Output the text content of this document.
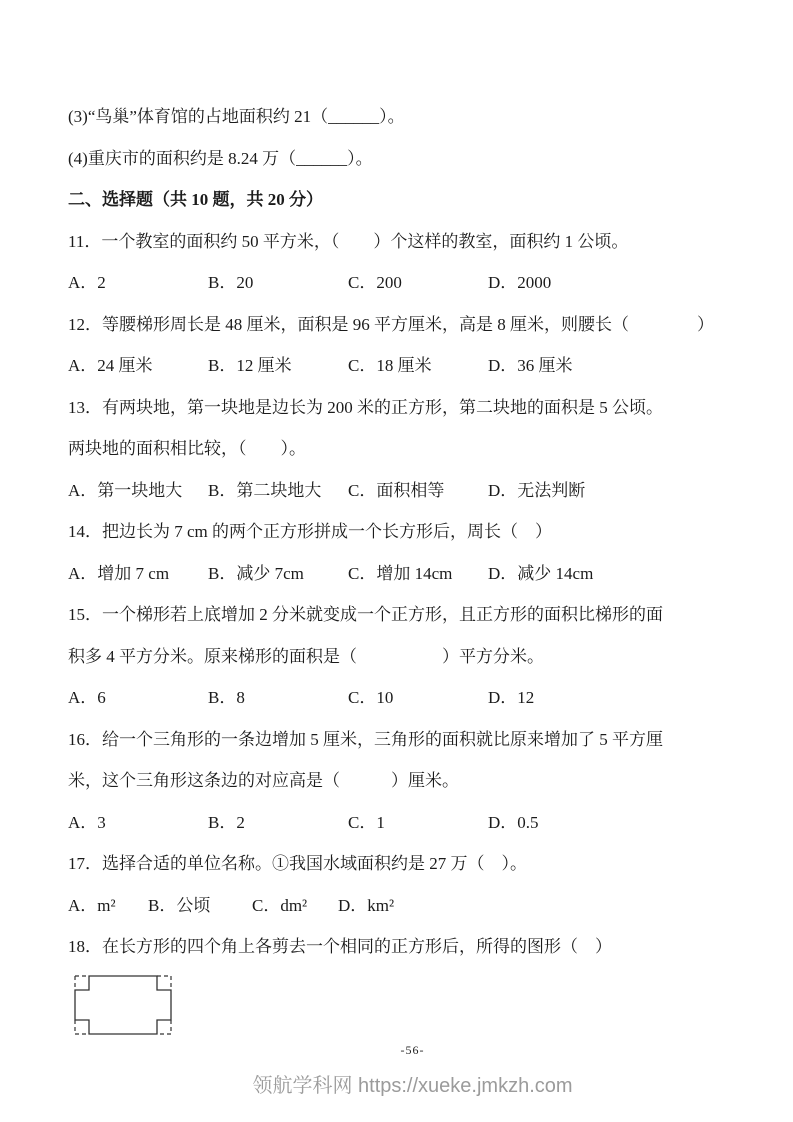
(3)“鸟巢”体育馆的占地面积约 21（______）。
(4)重庆市的面积约是 8.24 万（______）。
二、选择题（共 10 题，共 20 分）
11．一个教室的面积约 50 平方米，（　　）个这样的教室，面积约 1 公顷。
A．2	B．20	C．200	D．2000
12．等腰梯形周长是 48 厘米，面积是 96 平方厘米，高是 8 厘米，则腰长（　　　　）
A．24 厘米	B．12 厘米	C．18 厘米	D．36 厘米
13．有两块地，第一块地是边长为 200 米的正方形，第二块地的面积是 5 公顷。
两块地的面积相比较，（　　）。
A．第一块地大	B．第二块地大	C．面积相等	D．无法判断
14．把边长为 7 cm 的两个正方形拼成一个长方形后，周长（　）
A．增加 7 cm	B．减少 7cm	C．增加 14cm	D．减少 14cm
15．一个梯形若上底增加 2 分米就变成一个正方形，且正方形的面积比梯形的面
积多 4 平方分米。原来梯形的面积是（　　　　　）平方分米。
A．6	B．8	C．10	D．12
16．给一个三角形的一条边增加 5 厘米，三角形的面积就比原来增加了 5 平方厘
米，这个三角形这条边的对应高是（　　　）厘米。
A．3	B．2	C．1	D．0.5
17．选择合适的单位名称。①我国水域面积约是 27 万（　）。
A．m²	B．公顷	C．dm²	D．km²
18．在长方形的四个角上各剪去一个相同的正方形后，所得的图形（　）
-56-
领航学科网 https://xueke.jmkzh.com
